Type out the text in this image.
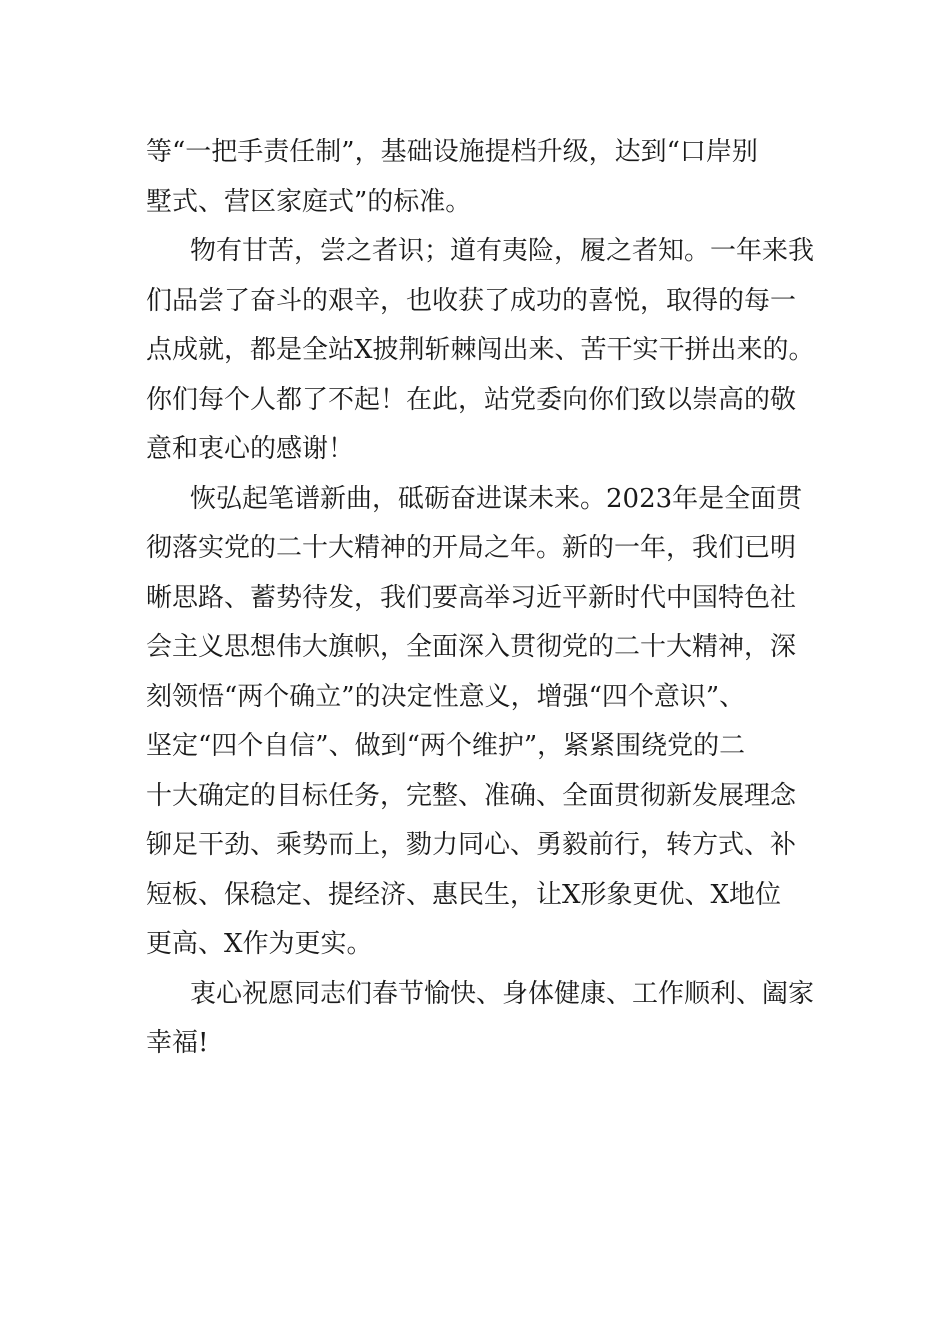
等“一把手责任制”，基础设施提档升级，达到“口岸别
墅式、营区家庭式”的标准。
物有甘苦，尝之者识；道有夷险，履之者知。一年来我
们品尝了奋斗的艰辛，也收获了成功的喜悦，取得的每一
点成就，都是全站X披荆斩棘闯出来、苦干实干拼出来的。
你们每个人都了不起！在此，站党委向你们致以崇高的敬
意和衷心的感谢！
恢弘起笔谱新曲，砥砺奋进谋未来。2023年是全面贯
彻落实党的二十大精神的开局之年。新的一年，我们已明
晰思路、蓄势待发，我们要高举习近平新时代中国特色社
会主义思想伟大旗帜，全面深入贯彻党的二十大精神，深
刻领悟“两个确立”的决定性意义，增强“四个意识”、
坚定“四个自信”、做到“两个维护”，紧紧围绕党的二
十大确定的目标任务，完整、准确、全面贯彻新发展理念
铆足干劲、乘势而上，勠力同心、勇毅前行，转方式、补
短板、保稳定、提经济、惠民生，让X形象更优、X地位
更高、X作为更实。
衷心祝愿同志们春节愉快、身体健康、工作顺利、阖家
幸福!
